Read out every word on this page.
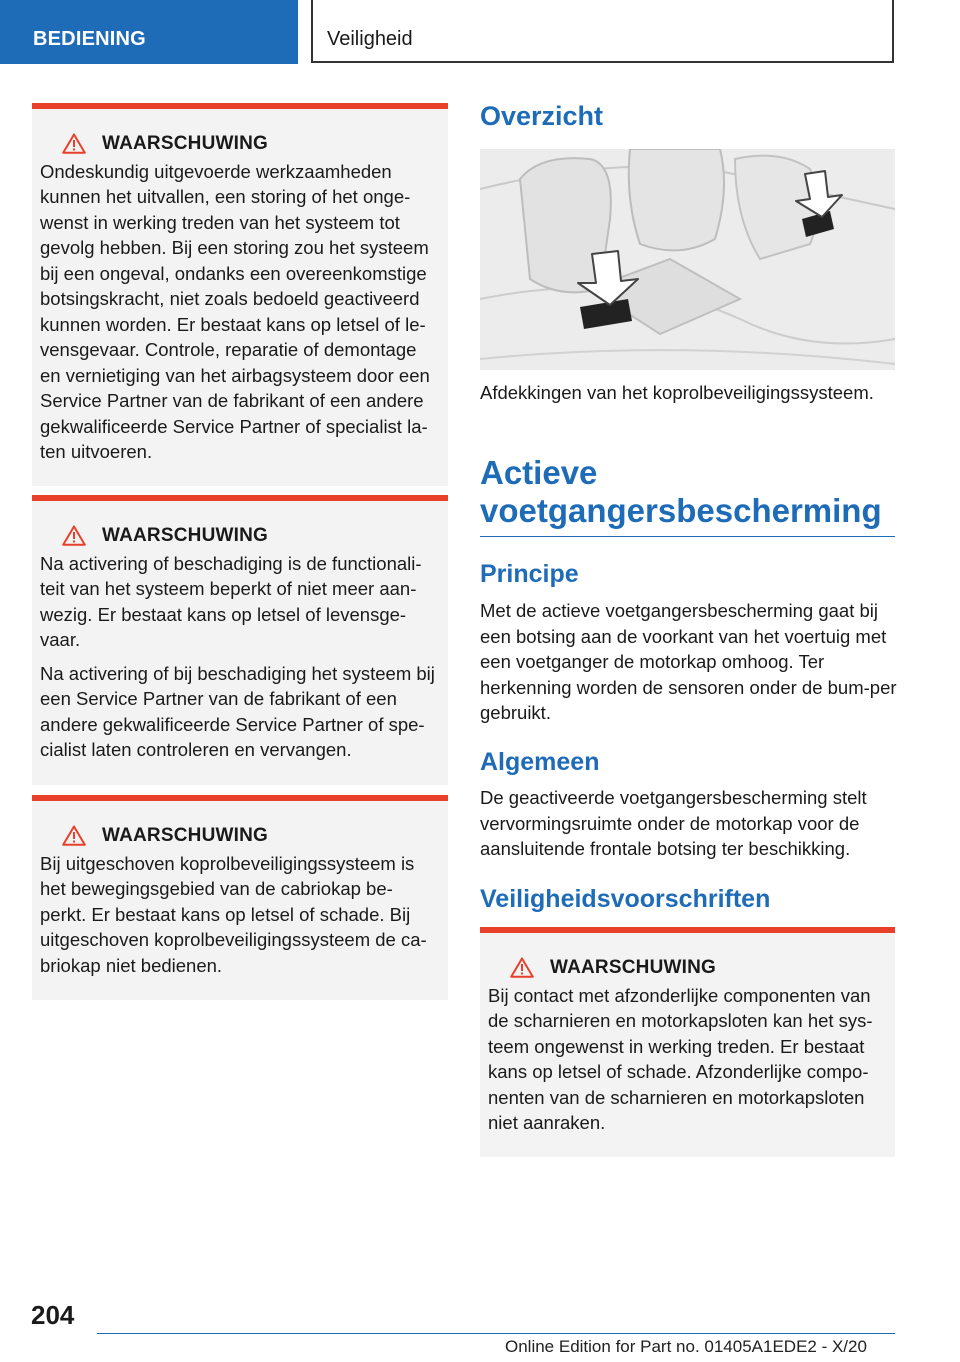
BEDIENING	Veiligheid
WAARSCHUWING

Ondeskundig uitgevoerde werkzaamheden kunnen het uitvallen, een storing of het onge-wenst in werking treden van het systeem tot gevolg hebben. Bij een storing zou het systeem bij een ongeval, ondanks een overeenkomstige botsingskracht, niet zoals bedoeld geactiveerd kunnen worden. Er bestaat kans op letsel of le-vensgevaar. Controle, reparatie of demontage en vernietiging van het airbagsysteem door een Service Partner van de fabrikant of een andere gekwalificeerde Service Partner of specialist la-ten uitvoeren.

WAARSCHUWING

Na activering of beschadiging is de functionali-teit van het systeem beperkt of niet meer aan-wezig. Er bestaat kans op letsel of levensge-vaar.

Na activering of bij beschadiging het systeem bij een Service Partner van de fabrikant of een andere gekwalificeerde Service Partner of spe-cialist laten controleren en vervangen.

WAARSCHUWING

Bij uitgeschoven koprolbeveiligingssysteem is het bewegingsgebied van de cabriokap be-perkt. Er bestaat kans op letsel of schade. Bij uitgeschoven koprolbeveiligingssysteem de ca-briokap niet bedienen.

Overzicht

Afdekkingen van het koprolbeveiligingssysteem.

Actieve voetgangersbescherming
Principe

Met de actieve voetgangersbescherming gaat bij een botsing aan de voorkant van het voertuig met een voetganger de motorkap omhoog. Ter herkenning worden de sensoren onder de bum-per gebruikt.

Algemeen

De geactiveerde voetgangersbescherming stelt vervormingsruimte onder de motorkap voor de aansluitende frontale botsing ter beschikking.

Veiligheidsvoorschriften
WAARSCHUWING

Bij contact met afzonderlijke componenten van de scharnieren en motorkapsloten kan het sys-teem ongewenst in werking treden. Er bestaat kans op letsel of schade. Afzonderlijke compo-nenten van de scharnieren en motorkapsloten niet aanraken.

204

Online Edition for Part no. 01405A1EDE2 - X/20
